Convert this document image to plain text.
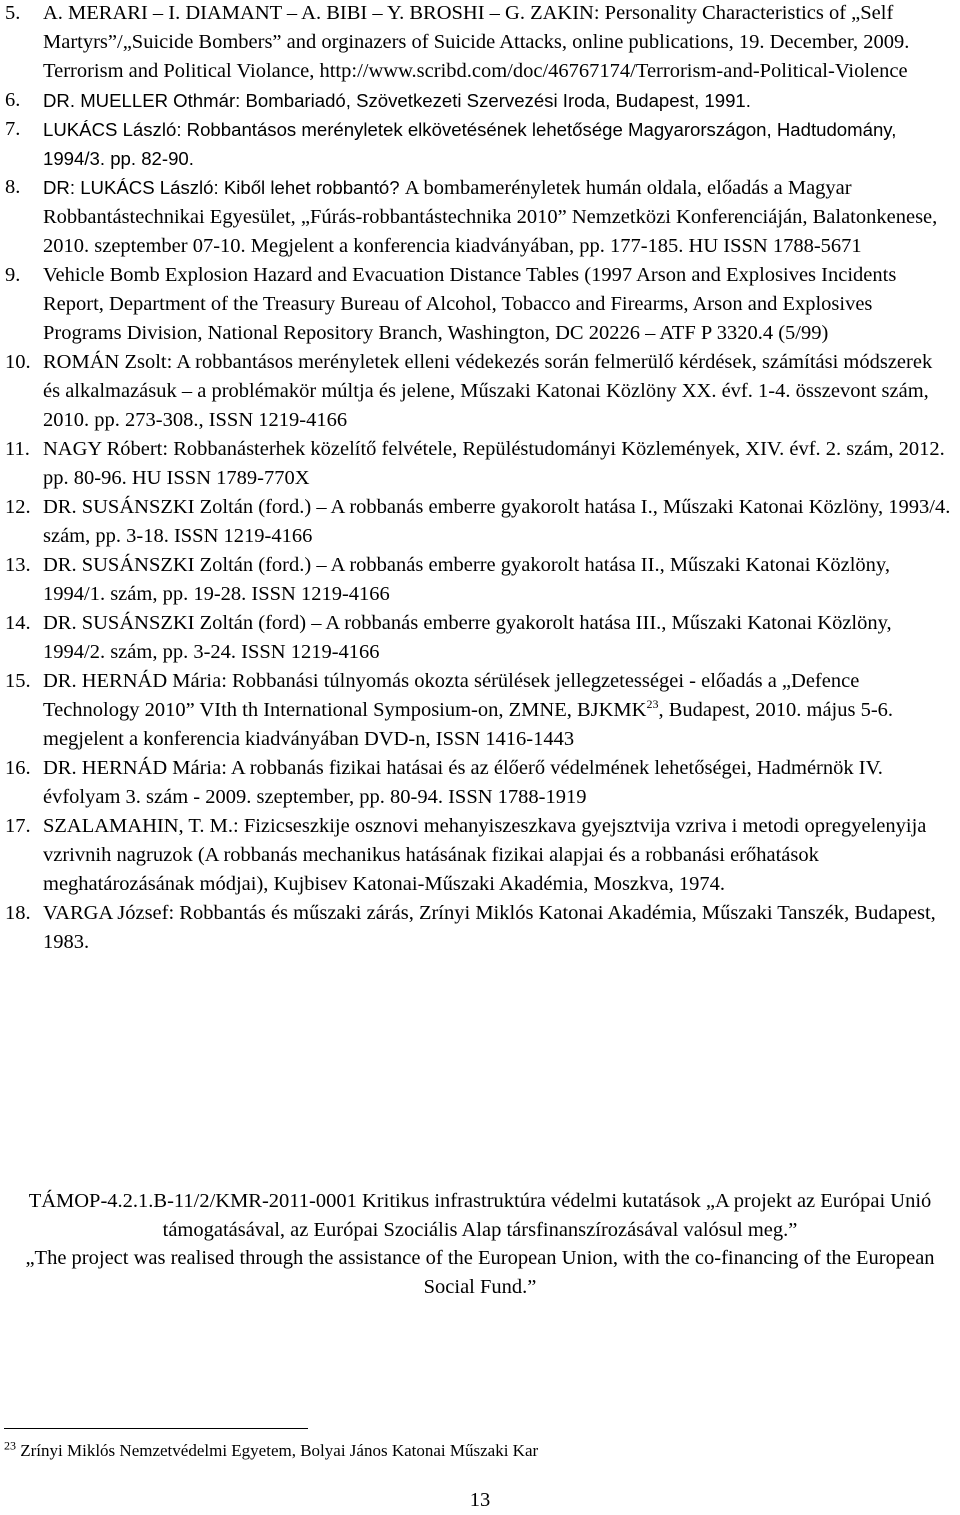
5. A. MERARI – I. DIAMANT – A. BIBI – Y. BROSHI – G. ZAKIN: Personality Characteristics of „Self Martyrs”/„Suicide Bombers” and orginazers of Suicide Attacks, online publications, 19. December, 2009. Terrorism and Political Violance, http://www.scribd.com/doc/46767174/Terrorism-and-Political-Violence
6. DR. MUELLER Othmár: Bombariadó, Szövetkezeti Szervezési Iroda, Budapest, 1991.
7. LUKÁCS László: Robbantásos merényletek elkövetésének lehetősége Magyarországon, Hadtudomány, 1994/3. pp. 82-90.
8. DR: LUKÁCS László: Kiből lehet robbantó? A bombamerényletek humán oldala, előadás a Magyar Robbantástechnikai Egyesület, „Fúrás-robbantástechnika 2010” Nemzetközi Konferenciáján, Balatonkenese, 2010. szeptember 07-10. Megjelent a konferencia kiadványában, pp. 177-185. HU ISSN 1788-5671
9. Vehicle Bomb Explosion Hazard and Evacuation Distance Tables (1997 Arson and Explosives Incidents Report, Department of the Treasury Bureau of Alcohol, Tobacco and Firearms, Arson and Explosives Programs Division, National Repository Branch, Washington, DC 20226 – ATF P 3320.4 (5/99)
10. ROMÁN Zsolt: A robbantásos merényletek elleni védekezés során felmerülő kérdések, számítási módszerek és alkalmazásuk – a problémakör múltja és jelene, Műszaki Katonai Közlöny XX. évf. 1-4. összevont szám, 2010. pp. 273-308., ISSN 1219-4166
11. NAGY Róbert: Robbanásterhek közelítő felvétele, Repüléstudományi Közlemények, XIV. évf. 2. szám, 2012. pp. 80-96. HU ISSN 1789-770X
12. DR. SUSÁNSZKI Zoltán (ford.) – A robbanás emberre gyakorolt hatása I., Műszaki Katonai Közlöny, 1993/4. szám, pp. 3-18. ISSN 1219-4166
13. DR. SUSÁNSZKI Zoltán (ford.) – A robbanás emberre gyakorolt hatása II., Műszaki Katonai Közlöny, 1994/1. szám, pp. 19-28. ISSN 1219-4166
14. DR. SUSÁNSZKI Zoltán (ford) – A robbanás emberre gyakorolt hatása III., Műszaki Katonai Közlöny, 1994/2. szám, pp. 3-24. ISSN 1219-4166
15. DR. HERNÁD Mária: Robbanási túlnyomás okozta sérülések jellegzetességei - előadás a „Defence Technology 2010” VIth th International Symposium-on, ZMNE, BJKMK$^{23}$, Budapest, 2010. május 5-6. megjelent a konferencia kiadványában DVD-n, ISSN 1416-1443
16. DR. HERNÁD Mária: A robbanás fizikai hatásai és az élőerő védelmének lehetőségei, Hadmérnök IV. évfolyam 3. szám - 2009. szeptember, pp. 80-94. ISSN 1788-1919
17. SZALAMAHIN, T. M.: Fizicseszkije osznovi mehanyiszeszkava gyejsztvija vzriva i metodi opregyelenyija vzrivnih nagruzok (A robbanás mechanikus hatásának fizikai alapjai és a robbanási erőhatások meghatározásának módjai), Kujbisev Katonai-Műszaki Akadémia, Moszkva, 1974.
18. VARGA József: Robbantás és műszaki zárás, Zrínyi Miklós Katonai Akadémia, Műszaki Tanszék, Budapest, 1983.
TÁMOP-4.2.1.B-11/2/KMR-2011-0001 Kritikus infrastruktúra védelmi kutatások „A projekt az Európai Unió támogatásával, az Európai Szociális Alap társfinanszírozásával valósul meg.”
„The project was realised through the assistance of the European Union, with the co-financing of the European Social Fund.”
$^{23}$ Zrínyi Miklós Nemzetvédelmi Egyetem, Bolyai János Katonai Műszaki Kar
13
